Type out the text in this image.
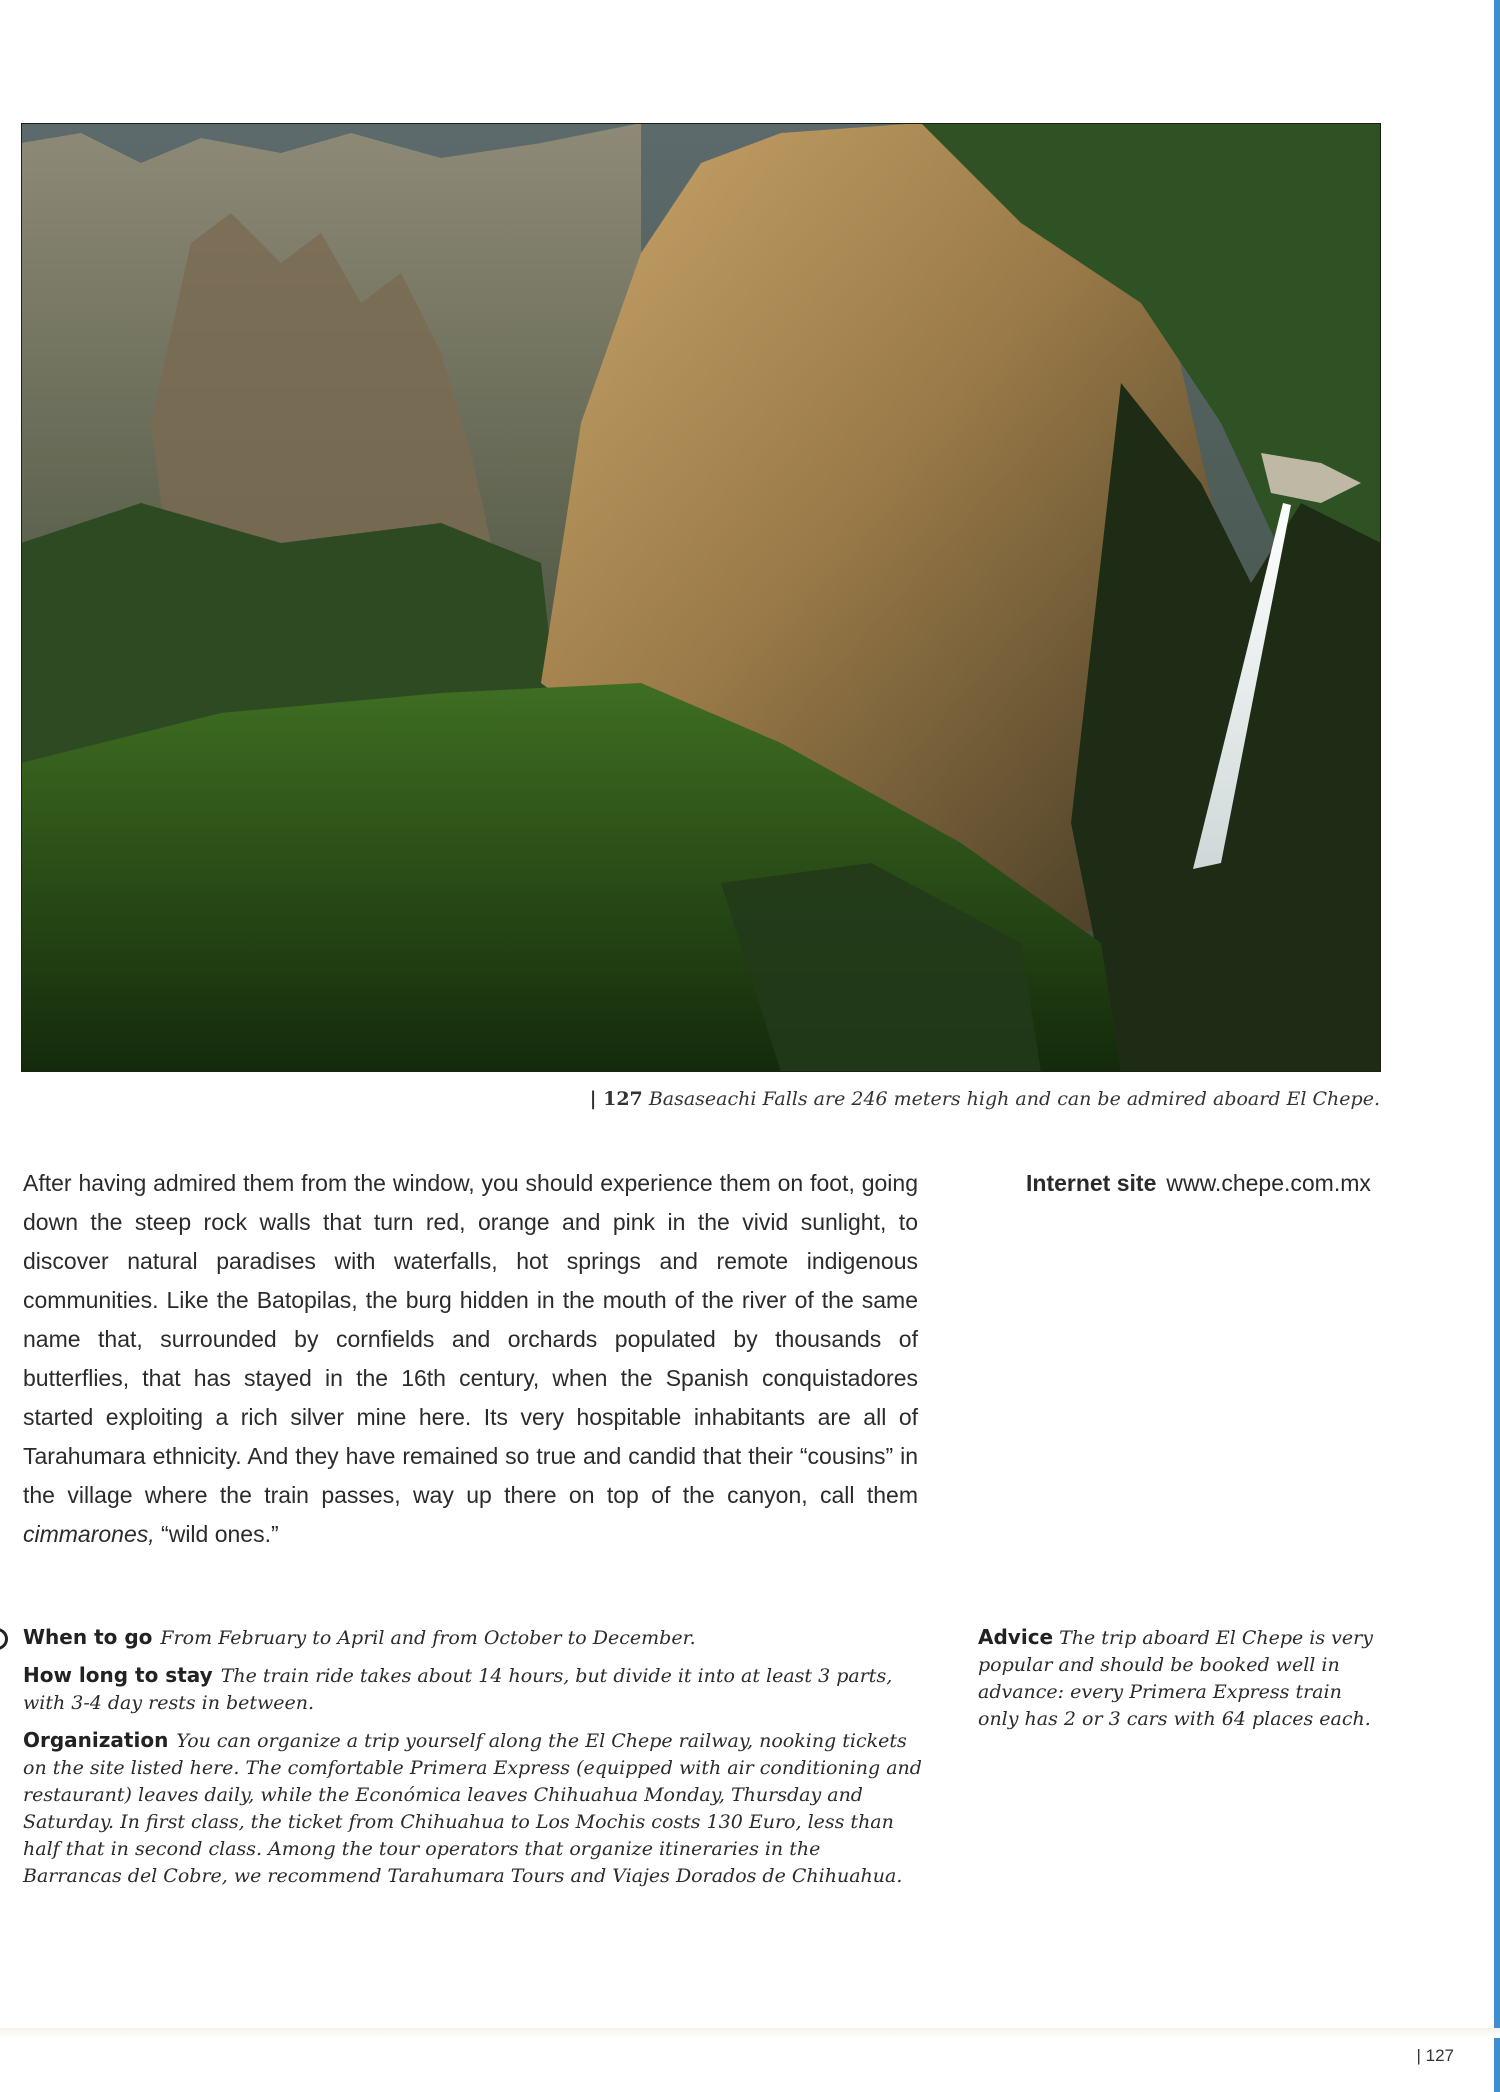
| 127 Basaseachi Falls are 246 meters high and can be admired aboard El Chepe.
After having admired them from the window, you should experience them on foot, going down the steep rock walls that turn red, orange and pink in the vivid sunlight, to discover natural paradises with waterfalls, hot springs and remote indigenous communities. Like the Batopilas, the burg hidden in the mouth of the river of the same name that, surrounded by cornfields and orchards populated by thousands of butterflies, that has stayed in the 16th century, when the Spanish conquistadores started exploiting a rich silver mine here. Its very hospitable inhabitants are all of Tarahumara ethnicity. And they have remained so true and candid that their “cousins” in the village where the train passes, way up there on top of the canyon, call them cimmarones, “wild ones.”
Internet site www.chepe.com.mx
When to go From February to April and from October to December.
How long to stay The train ride takes about 14 hours, but divide it into at least 3 parts, with 3-4 day rests in between.
Organization You can organize a trip yourself along the El Chepe railway, nooking tickets on the site listed here. The comfortable Primera Express (equipped with air conditioning and restaurant) leaves daily, while the Económica leaves Chihuahua Monday, Thursday and Saturday. In first class, the ticket from Chihuahua to Los Mochis costs 130 Euro, less than half that in second class. Among the tour operators that organize itineraries in the Barrancas del Cobre, we recommend Tarahumara Tours and Viajes Dorados de Chihuahua.
Advice The trip aboard El Chepe is very popular and should be booked well in advance: every Primera Express train only has 2 or 3 cars with 64 places each.
| 127
